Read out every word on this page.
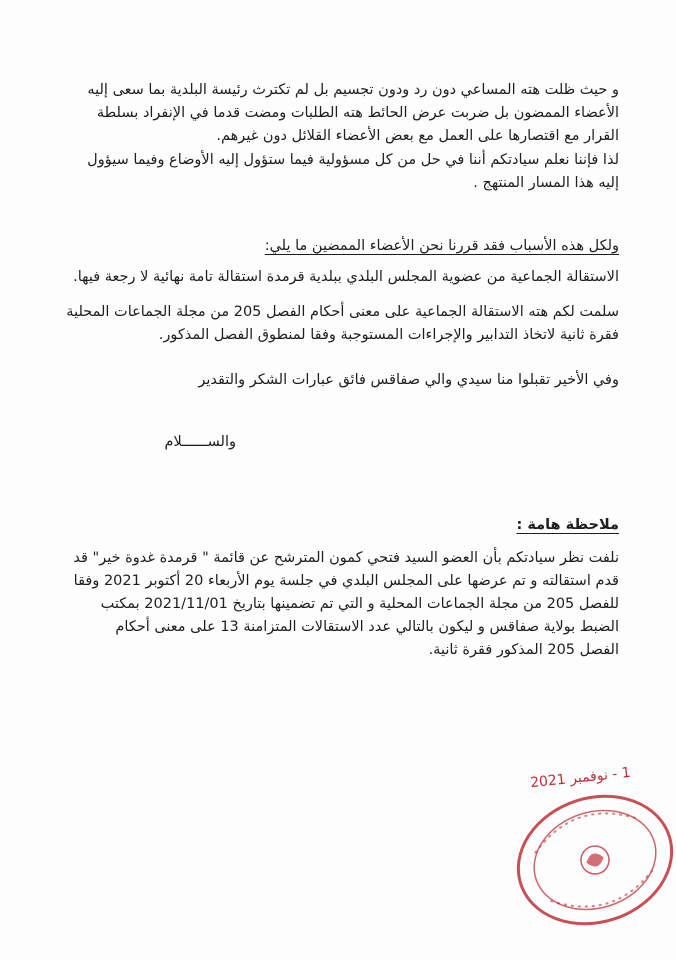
و حيث ظلت هته المساعي دون رد ودون تجسيم بل لم تكترث رئيسة البلدية بما سعى إليه
الأعضاء الممضون بل ضربت عرض الحائط هته الطلبات ومضت قدما في الإنفراد بسلطة
القرار مع اقتصارها على العمل مع بعض الأعضاء القلائل دون غيرهم.
لذا فإننا نعلم سيادتكم أننا في حل من كل مسؤولية فيما ستؤول إليه الأوضاع وفيما سيؤول
إليه هذا المسار المنتهج .
ولكل هذه الأسباب فقد قررنا نحن الأعضاء الممضين ما يلي:
الاستقالة الجماعية من عضوية المجلس البلدي ببلدية قرمدة استقالة تامة نهائية لا رجعة فيها.
سلمت لكم هته الاستقالة الجماعية على معنى أحكام الفصل 205 من مجلة الجماعات المحلية
فقرة ثانية لاتخاذ التدابير والإجراءات المستوجبة وفقا لمنطوق الفصل المذكور.
وفي الأخير تقبلوا منا سيدي والي صفاقس فائق عبارات الشكر والتقدير
والســــــلام
ملاحظة هامة :
نلفت نظر سيادتكم بأن العضو السيد فتحي كمون المترشح عن قائمة " قرمدة غدوة خير" قد
قدم استقالته و تم عرضها على المجلس البلدي في جلسة يوم الأربعاء 20 أكتوبر 2021 وفقا
للفصل 205 من مجلة الجماعات المحلية و التي تم تضمينها بتاريخ 2021/11/01 بمكتب
الضبط بولاية صفاقس و ليكون بالتالي عدد الاستقالات المتزامنة 13 على معنى أحكام
الفصل 205 المذكور فقرة ثانية.
1 - نوفمبر 2021
